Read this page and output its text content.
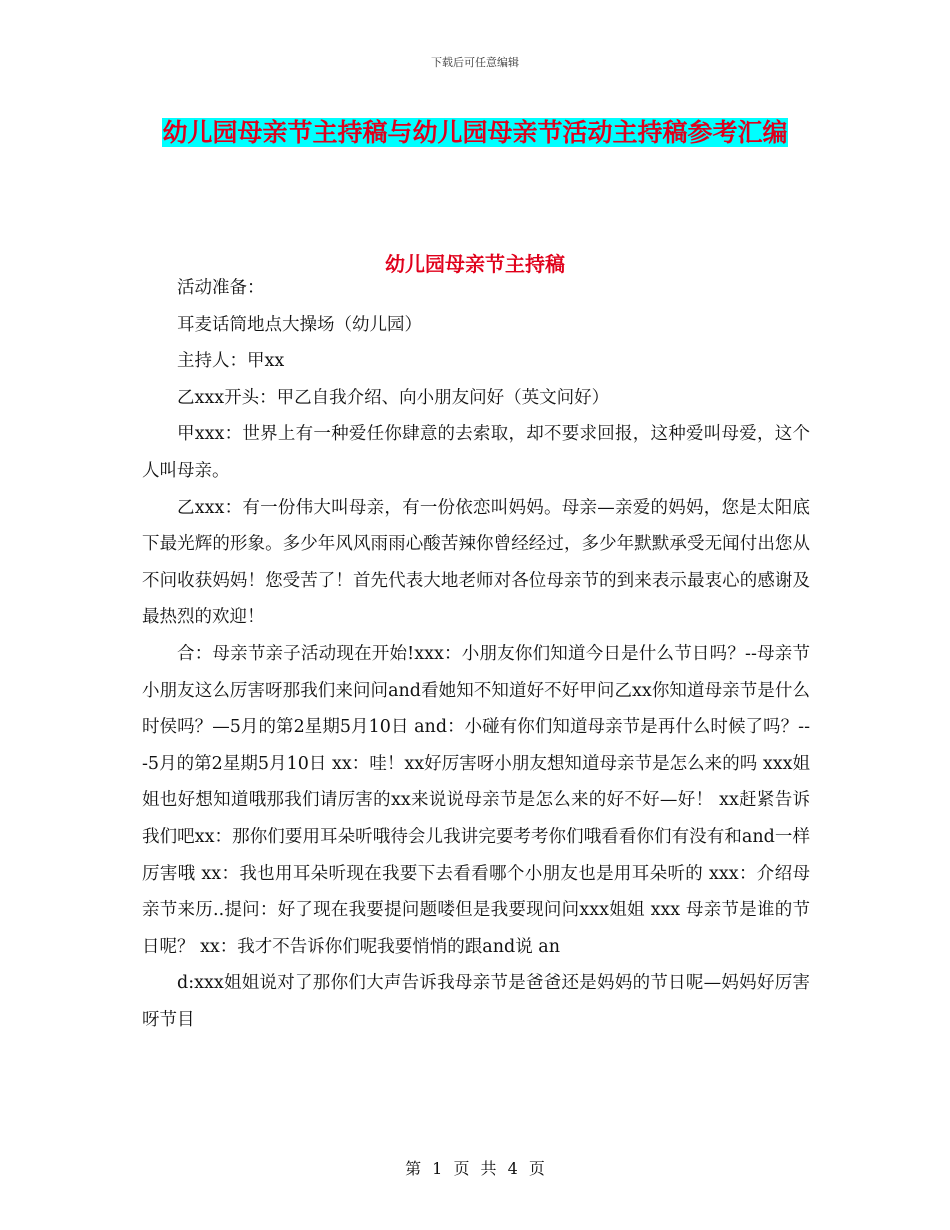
下载后可任意编辑
幼儿园母亲节主持稿与幼儿园母亲节活动主持稿参考汇编
幼儿园母亲节主持稿

活动准备：

耳麦话筒地点大操场（幼儿园）

主持人：甲xx

乙xxx开头：甲乙自我介绍、向小朋友问好（英文问好）

甲xxx：世界上有一种爱任你肆意的去索取，却不要求回报，这种爱叫母爱，这个人叫母亲。

乙xxx：有一份伟大叫母亲，有一份依恋叫妈妈。母亲—亲爱的妈妈，您是太阳底下最光辉的形象。多少年风风雨雨心酸苦辣你曾经经过，多少年默默承受无闻付出您从不问收获妈妈！您受苦了！首先代表大地老师对各位母亲节的到来表示最衷心的感谢及最热烈的欢迎！

合：母亲节亲子活动现在开始!xxx：小朋友你们知道今日是什么节日吗？--母亲节小朋友这么厉害呀那我们来问问and看她知不知道好不好甲问乙xx你知道母亲节是什么时侯吗？—5月的第2星期5月10日 and：小碰有你们知道母亲节是再什么时候了吗？---5月的第2星期5月10日 xx：哇！xx好厉害呀小朋友想知道母亲节是怎么来的吗 xxx姐姐也好想知道哦那我们请厉害的xx来说说母亲节是怎么来的好不好—好！ xx赶紧告诉我们吧xx：那你们要用耳朵听哦待会儿我讲完要考考你们哦看看你们有没有和and一样厉害哦 xx：我也用耳朵听现在我要下去看看哪个小朋友也是用耳朵听的 xxx：介绍母亲节来历..提问：好了现在我要提问题喽但是我要现问问xxx姐姐 xxx 母亲节是谁的节日呢？ xx：我才不告诉你们呢我要悄悄的跟and说 an

d:xxx姐姐说对了那你们大声告诉我母亲节是爸爸还是妈妈的节日呢—妈妈好厉害呀节目

第 1 页 共 4 页
